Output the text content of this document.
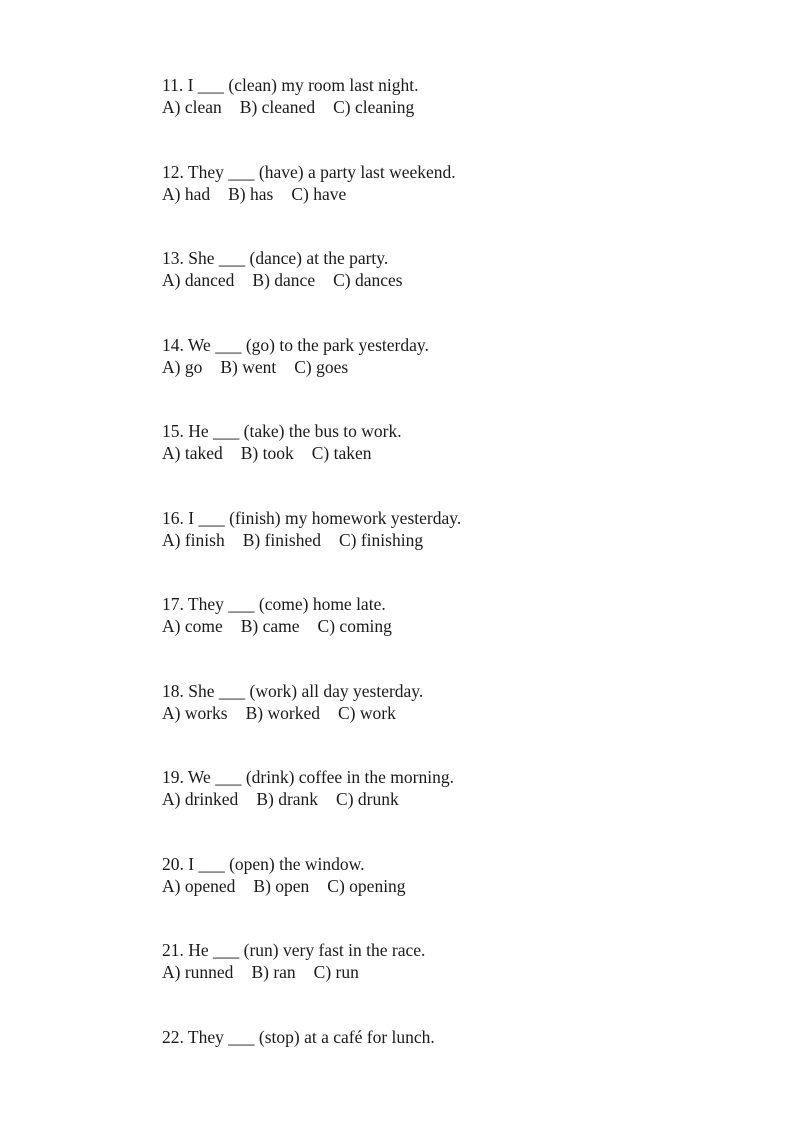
11. I ___ (clean) my room last night.
A) clean B) cleaned C) cleaning
12. They ___ (have) a party last weekend.
A) had B) has C) have
13. She ___ (dance) at the party.
A) danced B) dance C) dances
14. We ___ (go) to the park yesterday.
A) go B) went C) goes
15. He ___ (take) the bus to work.
A) taked B) took C) taken
16. I ___ (finish) my homework yesterday.
A) finish B) finished C) finishing
17. They ___ (come) home late.
A) come B) came C) coming
18. She ___ (work) all day yesterday.
A) works B) worked C) work
19. We ___ (drink) coffee in the morning.
A) drinked B) drank C) drunk
20. I ___ (open) the window.
A) opened B) open C) opening
21. He ___ (run) very fast in the race.
A) runned B) ran C) run
22. They ___ (stop) at a café for lunch.
